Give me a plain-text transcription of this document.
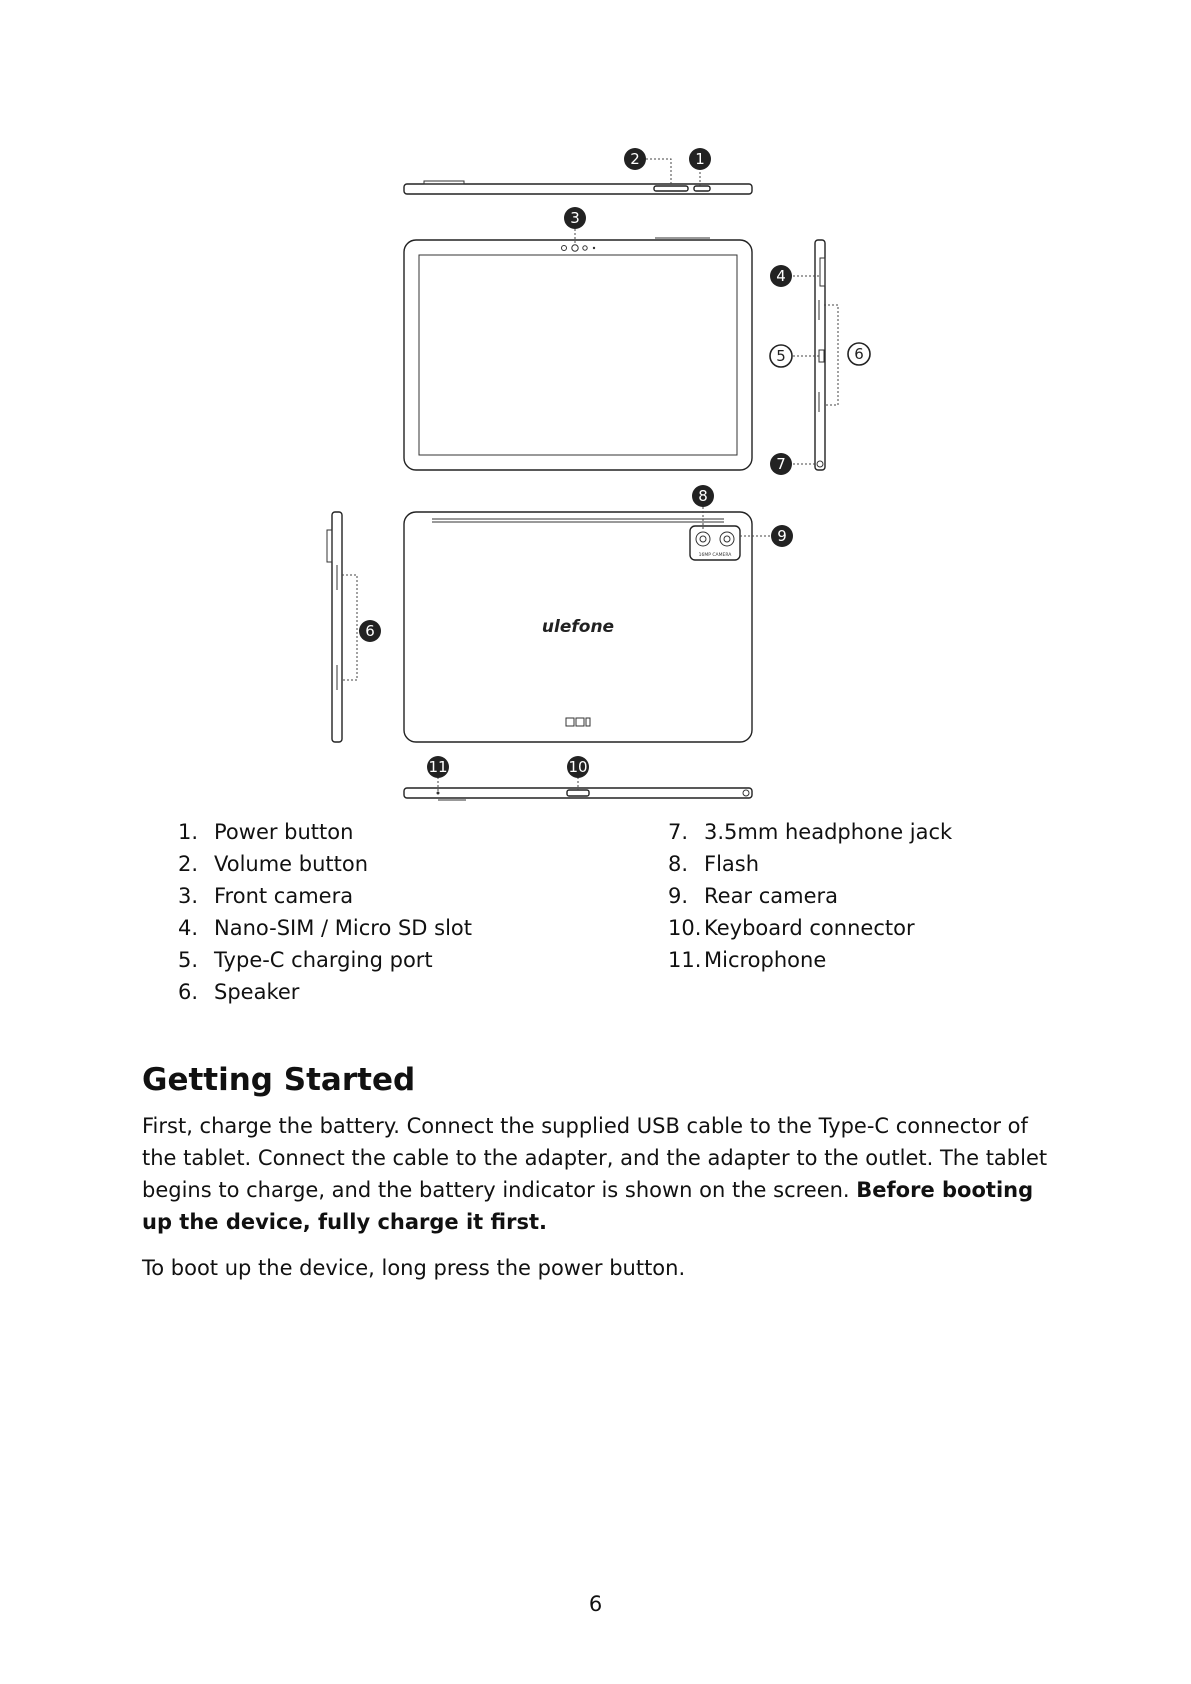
16MP CAMERA
ulefone
1
2
3
4
5	6
7
8
9
6
11	10
1. Power button
2. Volume button
3. Front camera
4. Nano-SIM / Micro SD slot
5. Type-C charging port
6. Speaker
7. 3.5mm headphone jack
8. Flash
9. Rear camera
10. Keyboard connector
11. Microphone
Getting Started

First, charge the battery. Connect the supplied USB cable to the Type-C connector of the tablet. Connect the cable to the adapter, and the adapter to the outlet. The tablet begins to charge, and the battery indicator is shown on the screen. Before booting up the device, fully charge it first.

To boot up the device, long press the power button.

6
